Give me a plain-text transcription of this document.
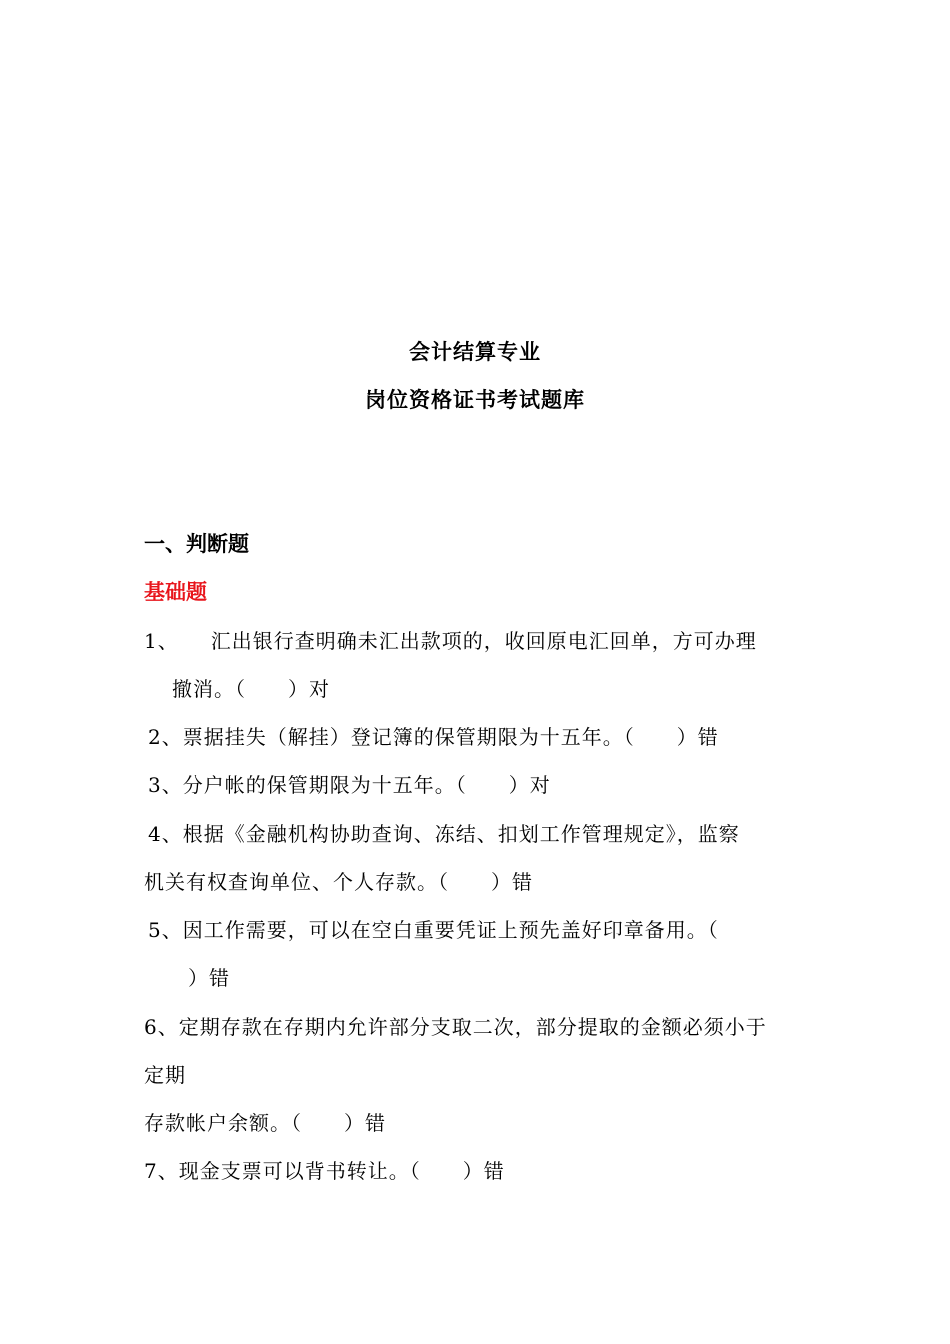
会计结算专业
岗位资格证书考试题库
一、判断题
基础题
1、　　汇出银行查明确未汇出款项的，收回原电汇回单，方可办理
撤消。（　　）对
2、票据挂失（解挂）登记簿的保管期限为十五年。（　　）错
3、分户帐的保管期限为十五年。（　　）对
4、根据《金融机构协助查询、冻结、扣划工作管理规定》，监察
机关有权查询单位、个人存款。（　　）错
5、因工作需要，可以在空白重要凭证上预先盖好印章备用。（
）错
6、定期存款在存期内允许部分支取二次，部分提取的金额必须小于
定期
存款帐户余额。（　　）错
7、现金支票可以背书转让。（　　）错
